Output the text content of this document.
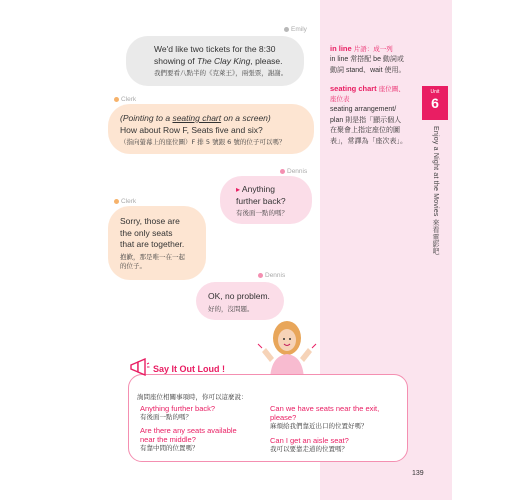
Emily
We'd like two tickets for the 8:30
showing of The Clay King, please.
我們要看八點半的《克萊王》，兩張票，謝謝。
Clerk
(Pointing to a seating chart on a screen)
How about Row F, Seats five and six?
（指向螢幕上的座位圖）F 排 5 號跟 6 號的位子可以嗎？
Dennis
▸ Anything
further back?
有後面一點的嗎？
Clerk
Sorry, those are
the only seats
that are together.
抱歉，那是唯一在一起
的位子。
Dennis
OK, no problem.
好的，沒問題。
in line 片語：成一列
in line 常搭配 be 動詞或
動詞 stand、wait 使用。
seating chart 座位圖、
座位表
seating arrangement/
plan 則是指「顯示個人
在聚會上指定座位的圖
表」，常譯為「座次表」。
Unit
6
Enjoy a Night at the Movies 來看電影吧
Say It Out Loud !
詢問座位相關事項時，你可以這麼說：
Anything further back?
有後面一點的嗎？
Are there any seats available
near the middle?
有靠中間的位置嗎？
Can we have seats near the exit,
please?
麻煩給我們靠近出口的位置好嗎？
Can I get an aisle seat?
我可以要靠走道的位置嗎？
139
